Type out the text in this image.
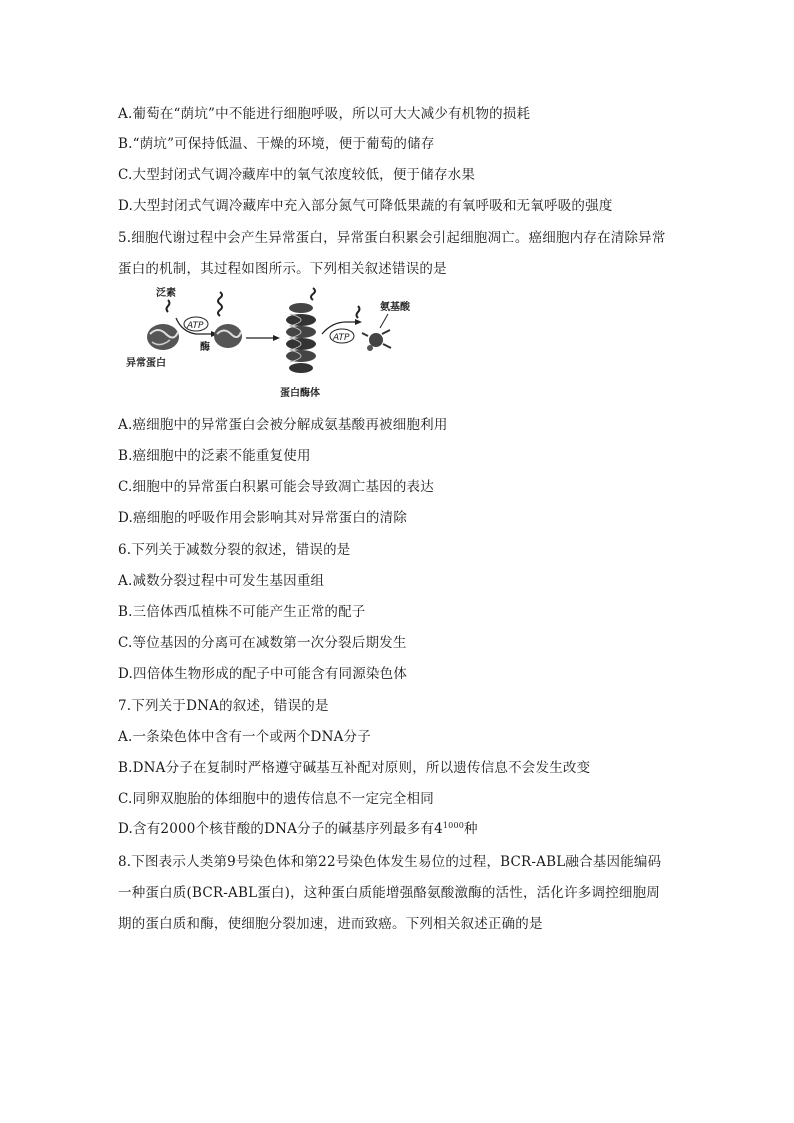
A.葡萄在“荫坑”中不能进行细胞呼吸，所以可大大减少有机物的损耗
B.“荫坑”可保持低温、干燥的环境，便于葡萄的储存
C.大型封闭式气调冷藏库中的氧气浓度较低，便于储存水果
D.大型封闭式气调冷藏库中充入部分氮气可降低果蔬的有氧呼吸和无氧呼吸的强度
5.细胞代谢过程中会产生异常蛋白，异常蛋白积累会引起细胞凋亡。癌细胞内存在清除异常
蛋白的机制，其过程如图所示。下列相关叙述错误的是
泛素
异常蛋白
ATP
酶
蛋白酶体
ATP
氨基酸
A.癌细胞中的异常蛋白会被分解成氨基酸再被细胞利用
B.癌细胞中的泛素不能重复使用
C.细胞中的异常蛋白积累可能会导致凋亡基因的表达
D.癌细胞的呼吸作用会影响其对异常蛋白的清除
6.下列关于减数分裂的叙述，错误的是
A.减数分裂过程中可发生基因重组
B.三倍体西瓜植株不可能产生正常的配子
C.等位基因的分离可在减数第一次分裂后期发生
D.四倍体生物形成的配子中可能含有同源染色体
7.下列关于DNA的叙述，错误的是
A.一条染色体中含有一个或两个DNA分子
B.DNA分子在复制时严格遵守碱基互补配对原则，所以遗传信息不会发生改变
C.同卵双胞胎的体细胞中的遗传信息不一定完全相同
D.含有2000个核苷酸的DNA分子的碱基序列最多有$4^{1000}$种
8.下图表示人类第9号染色体和第22号染色体发生易位的过程，BCR-ABL融合基因能编码
一种蛋白质(BCR-ABL蛋白)，这种蛋白质能增强酪氨酸激酶的活性，活化许多调控细胞周
期的蛋白质和酶，使细胞分裂加速，进而致癌。下列相关叙述正确的是
